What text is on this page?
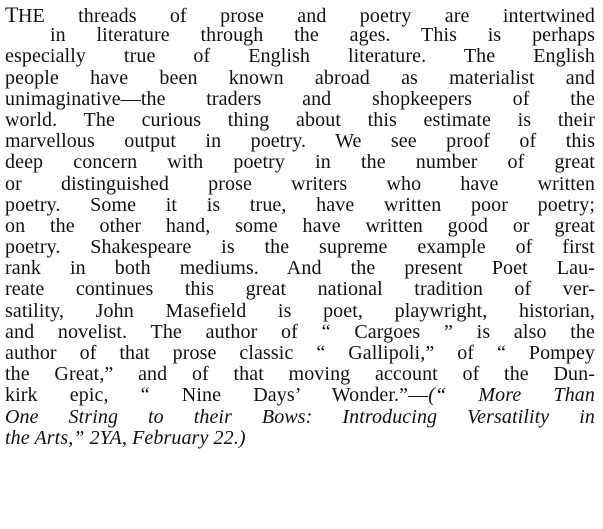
THE threads of prose and poetry are intertwined
in literature through the ages. This is perhaps
especially true of English literature. The English
people have been known abroad as materialist and
unimaginative—the traders and shopkeepers of the
world. The curious thing about this estimate is their
marvellous output in poetry. We see proof of this
deep concern with poetry in the number of great
or distinguished prose writers who have written
poetry. Some it is true, have written poor poetry;
on the other hand, some have written good or great
poetry. Shakespeare is the supreme example of first
rank in both mediums. And the present Poet Lau-
reate continues this great national tradition of ver-
satility, John Masefield is poet, playwright, historian,
and novelist. The author of “ Cargoes ” is also the
author of that prose classic “ Gallipoli,” of “ Pompey
the Great,” and of that moving account of the Dun-
kirk epic, “ Nine Days’ Wonder.”—(“ More Than
One String to their Bows: Introducing Versatility in
the Arts,” 2YA, February 22.)
